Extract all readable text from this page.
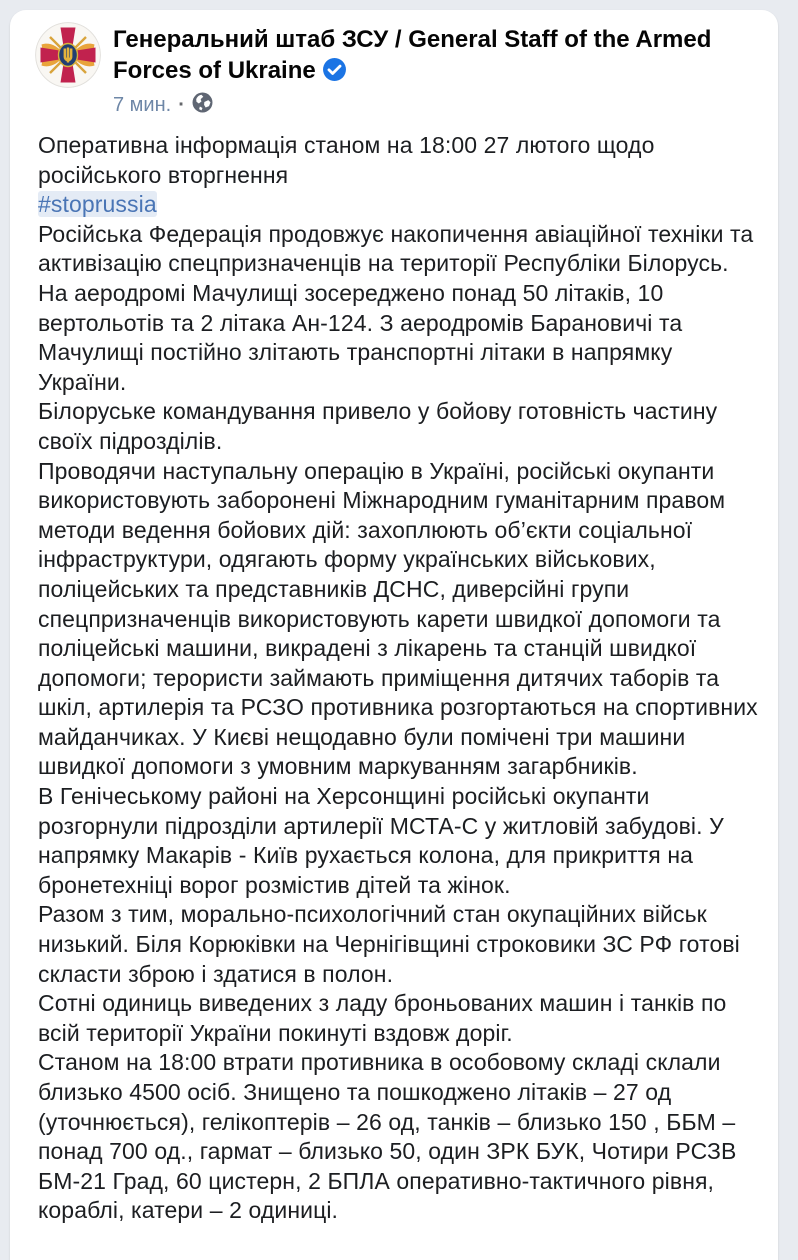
Генеральний штаб ЗСУ / General Staff of the Armed Forces of Ukraine
7 мин. ·
Оперативна інформація станом на 18:00 27 лютого щодо російського вторгнення
#stoprussia
Російська Федерація продовжує накопичення авіаційної техніки та активізацію спецпризначенців на території Республіки Білорусь. На аеродромі Мачулищі зосереджено понад 50 літаків, 10 вертольотів та 2 літака Ан-124. З аеродромів Барановичі та Мачулищі постійно злітають транспортні літаки в напрямку України.
Білоруське командування привело у бойову готовність частину своїх підрозділів.
Проводячи наступальну операцію в Україні, російські окупанти використовують заборонені Міжнародним гуманітарним правом методи ведення бойових дій: захоплюють об’єкти соціальної інфраструктури, одягають форму українських військових, поліцейських та представників ДСНС, диверсійні групи спецпризначенців використовують карети швидкої допомоги та поліцейські машини, викрадені з лікарень та станцій швидкої допомоги; терористи займають приміщення дитячих таборів та шкіл, артилерія та РСЗО противника розгортаються на спортивних майданчиках. У Києві нещодавно були помічені три машини швидкої допомоги з умовним маркуванням загарбників.
В Генічеському районі на Херсонщині російські окупанти розгорнули підрозділи артилерії МСТА-С у житловій забудові. У напрямку Макарів - Київ рухається колона, для прикриття на бронетехніці ворог розмістив дітей та жінок.
Разом з тим, морально-психологічний стан окупаційних військ низький. Біля Корюківки на Чернігівщині строковики ЗС РФ готові скласти зброю і здатися в полон.
Сотні одиниць виведених з ладу броньованих машин і танків по всій території України покинуті вздовж доріг.
Станом на 18:00 втрати противника в особовому складі склали близько 4500 осіб. Знищено та пошкоджено літаків – 27 од (уточнюється), гелікоптерів – 26 од, танків – близько 150 , ББМ – понад 700 од., гармат – близько 50, один ЗРК БУК, Чотири РСЗВ БМ-21 Град, 60 цистерн, 2 БПЛА оперативно-тактичного рівня, кораблі, катери – 2 одиниці.
